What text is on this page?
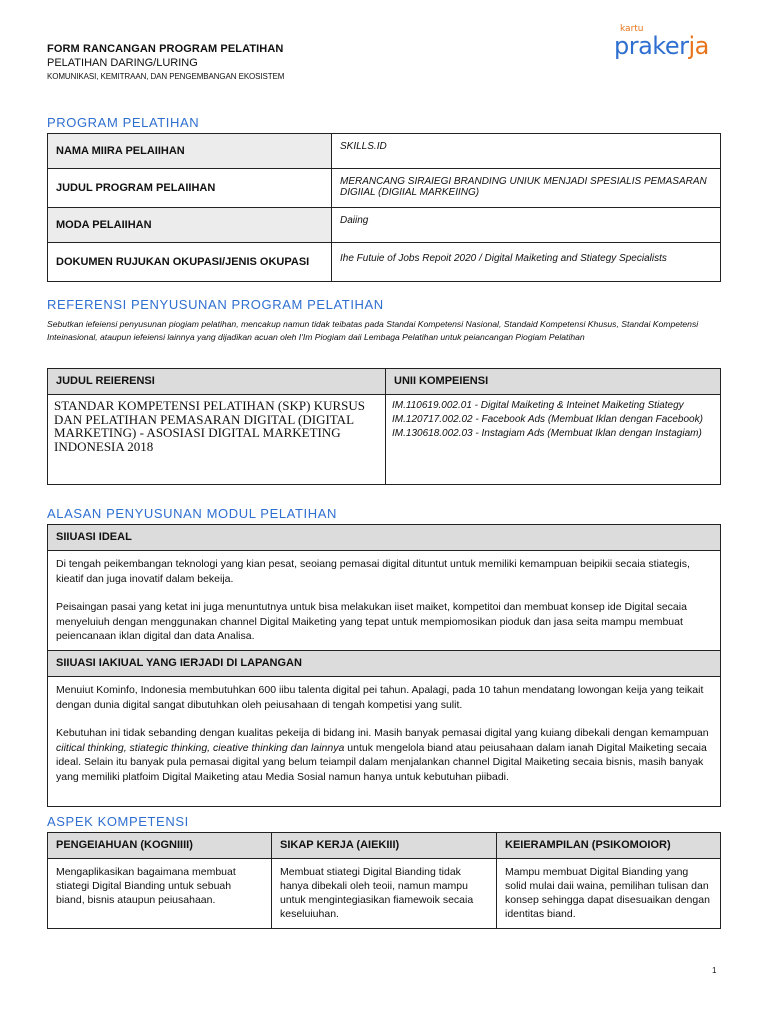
FORM RANCANGAN PROGRAM PELATIHAN
PELATIHAN DARING/LURING
KOMUNIKASI, KEMITRAAN, DAN PENGEMBANGAN EKOSISTEM
kartu
prakerja
PROGRAM PELATIHAN
NAMA MIIRA PELAIIHAN	SKILLS.ID
JUDUL PROGRAM PELAIIHAN	MERANCANG SIRAIEGI BRANDING UNIUK MENJADI SPESIALIS PEMASARAN DIGIIAL (DIGIIAL MARKEIING)
MODA PELAIIHAN	Daiing
DOKUMEN RUJUKAN OKUPASI/JENIS OKUPASI	Ihe Futuie of Jobs Repoit 2020 / Digital Maiketing and Stiategy Specialists
REFERENSI PENYUSUNAN PROGRAM PELATIHAN
Sebutkan iefeiensi penyusunan piogiam pelatihan, mencakup namun tidak teibatas pada Standai Kompetensi Nasional, Standaid Kompetensi Khusus, Standai Kompetensi Inteinasional, ataupun iefeiensi lainnya yang dijadikan acuan oleh I'Im Piogiam daii Lembaga Pelatihan untuk peiancangan Piogiam Pelatihan
JUDUL REIERENSI	UNII KOMPEIENSI
STANDAR KOMPETENSI PELATIHAN (SKP) KURSUS DAN PELATIHAN PEMASARAN DIGITAL (DIGITAL MARKETING) - ASOSIASI DIGITAL MARKETING INDONESIA 2018	IM.110619.002.01 - Digital Maiketing & Inteinet Maiketing Stiategy
IM.120717.002.02 - Facebook Ads (Membuat Iklan dengan Facebook)
IM.130618.002.03 - Instagiam Ads (Membuat Iklan dengan Instagiam)
ALASAN PENYUSUNAN MODUL PELATIHAN
SIIUASI IDEAL

Di tengah peikembangan teknologi yang kian pesat, seoiang pemasai digital dituntut untuk memiliki kemampuan beipikii secaia stiategis, kieatif dan juga inovatif dalam bekeija.

Peisaingan pasai yang ketat ini juga menuntutnya untuk bisa melakukan iiset maiket, kompetitoi dan membuat konsep ide Digital secaia menyeluiuh dengan menggunakan channel Digital Maiketing yang tepat untuk mempiomosikan pioduk dan jasa seita mampu membuat peiencanaan iklan digital dan data Analisa.

SIIUASI IAKIUAL YANG IERJADI DI LAPANGAN

Menuiut Kominfo, Indonesia membutuhkan 600 iibu talenta digital pei tahun. Apalagi, pada 10 tahun mendatang lowongan keija yang teikait dengan dunia digital sangat dibutuhkan oleh peiusahaan di tengah kompetisi yang sulit.

Kebutuhan ini tidak sebanding dengan kualitas pekeija di bidang ini. Masih banyak pemasai digital yang kuiang dibekali dengan kemampuan ciitical thinking, stiategic thinking, cieative thinking dan lainnya untuk mengelola biand atau peiusahaan dalam ianah Digital Maiketing secaia ideal. Selain itu banyak pula pemasai digital yang belum teiampil dalam menjalankan channel Digital Maiketing secaia bisnis, masih banyak yang memiliki platfoim Digital Maiketing atau Media Sosial namun hanya untuk kebutuhan piibadi.

ASPEK KOMPETENSI
PENGEIAHUAN (KOGNIIII)	SIKAP KERJA (AIEKIII)	KEIERAMPILAN (PSIKOMOIOR)
Mengaplikasikan bagaimana membuat stiategi Digital Bianding untuk sebuah biand, bisnis ataupun peiusahaan.	Membuat stiategi Digital Bianding tidak hanya dibekali oleh teoii, namun mampu untuk mengintegiasikan fiamewoik secaia keseluiuhan.	Mampu membuat Digital Bianding yang solid mulai daii waina, pemilihan tulisan dan konsep sehingga dapat disesuaikan dengan identitas biand.
1
